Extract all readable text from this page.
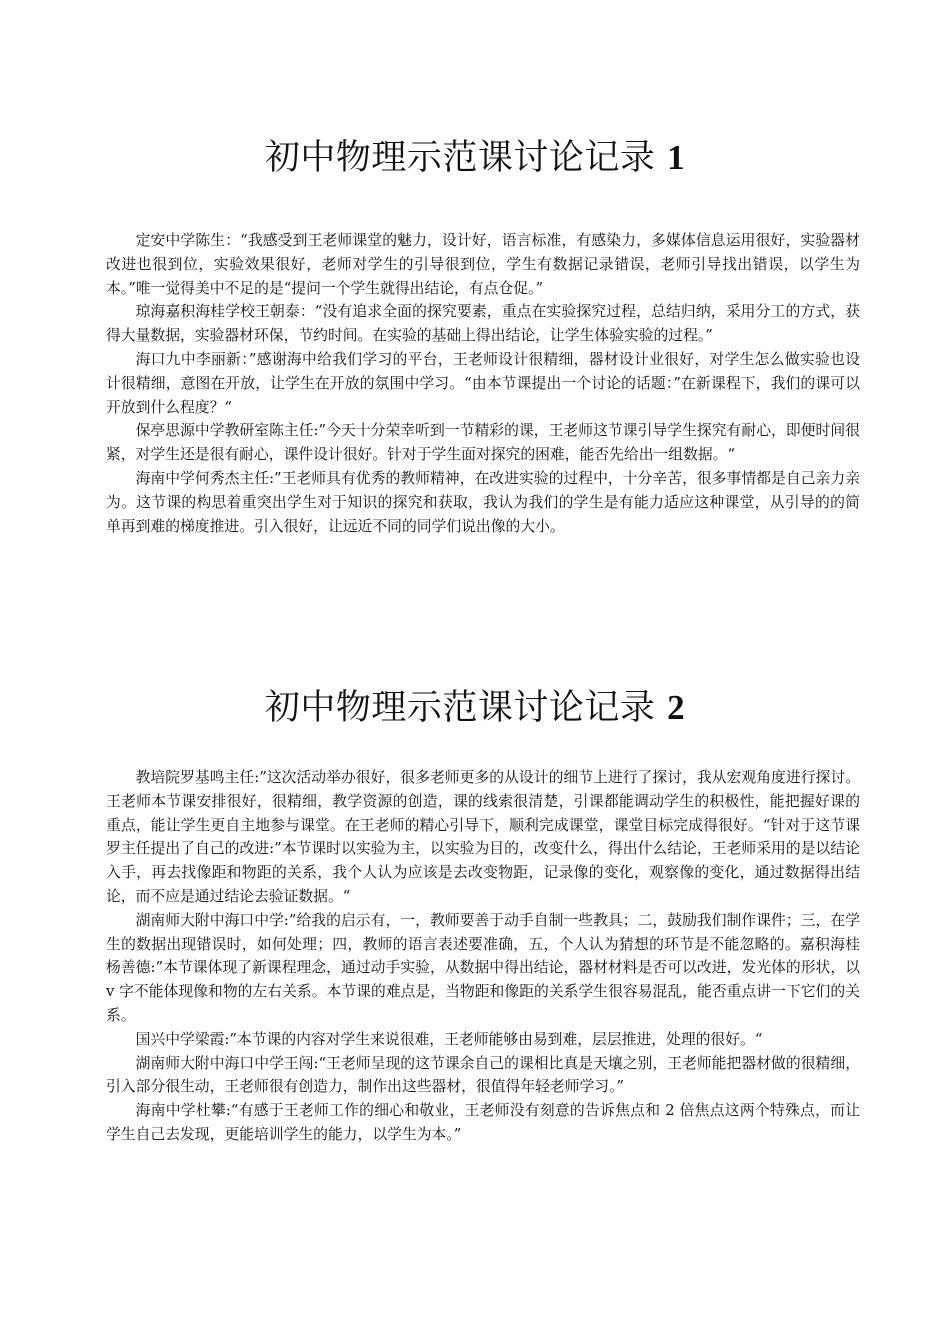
初中物理示范课讨论记录 1

定安中学陈生：“我感受到王老师课堂的魅力，设计好，语言标准，有感染力，多媒体信息运用很好，实验器材改进也很到位，实验效果很好，老师对学生的引导很到位，学生有数据记录错误，老师引导找出错误，以学生为本。”唯一觉得美中不足的是“提问一个学生就得出结论，有点仓促。”

琼海嘉积海桂学校王朝泰：“没有追求全面的探究要素，重点在实验探究过程，总结归纳，采用分工的方式，获得大量数据，实验器材环保，节约时间。在实验的基础上得出结论，让学生体验实验的过程。”

海口九中李丽新：”感谢海中给我们学习的平台，王老师设计很精细，器材设计业很好，对学生怎么做实验也设计很精细，意图在开放，让学生在开放的氛围中学习。“由本节课提出一个讨论的话题：”在新课程下，我们的课可以开放到什么程度？“

保亭思源中学教研室陈主任:”今天十分荣幸听到一节精彩的课，王老师这节课引导学生探究有耐心，即便时间很紧，对学生还是很有耐心，课件设计很好。针对于学生面对探究的困难，能否先给出一组数据。“

海南中学何秀杰主任:”王老师具有优秀的教师精神，在改进实验的过程中，十分辛苦，很多事情都是自己亲力亲为。这节课的构思着重突出学生对于知识的探究和获取，我认为我们的学生是有能力适应这种课堂，从引导的的简单再到难的梯度推进。引入很好，让远近不同的同学们说出像的大小。

初中物理示范课讨论记录 2

教培院罗基鸣主任:”这次活动举办很好，很多老师更多的从设计的细节上进行了探讨，我从宏观角度进行探讨。王老师本节课安排很好，很精细，教学资源的创造，课的线索很清楚，引课都能调动学生的积极性，能把握好课的重点，能让学生更自主地参与课堂。在王老师的精心引导下，顺利完成课堂，课堂目标完成得很好。“针对于这节课罗主任提出了自己的改进:”本节课时以实验为主，以实验为目的，改变什么，得出什么结论，王老师采用的是以结论入手，再去找像距和物距的关系，我个人认为应该是去改变物距，记录像的变化，观察像的变化，通过数据得出结论，而不应是通过结论去验证数据。“

湖南师大附中海口中学:”给我的启示有，一，教师要善于动手自制一些教具；二，鼓励我们制作课件；三，在学生的数据出现错误时，如何处理；四，教师的语言表述要准确，五，个人认为猜想的环节是不能忽略的。嘉积海桂杨善德:”本节课体现了新课程理念，通过动手实验，从数据中得出结论，器材材料是否可以改进，发光体的形状，以 v 字不能体现像和物的左右关系。本节课的难点是，当物距和像距的关系学生很容易混乱，能否重点讲一下它们的关系。

国兴中学梁霞:”本节课的内容对学生来说很难，王老师能够由易到难，层层推进，处理的很好。“

湖南师大附中海口中学王闯:“王老师呈现的这节课余自己的课相比真是天壤之别，王老师能把器材做的很精细，引入部分很生动，王老师很有创造力，制作出这些器材，很值得年轻老师学习。”

海南中学杜攀:“有感于王老师工作的细心和敬业，王老师没有刻意的告诉焦点和 2 倍焦点这两个特殊点，而让学生自己去发现，更能培训学生的能力，以学生为本。”
